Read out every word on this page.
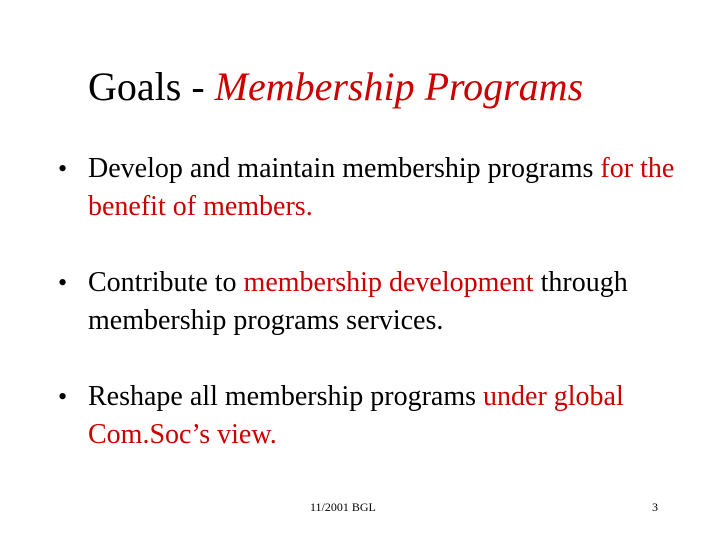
Goals - Membership Programs
• Develop and maintain membership programs for the benefit of members.
• Contribute to membership development through membership programs services.
• Reshape all membership programs under global Com.Soc’s view.
11/2001 BGL	3
